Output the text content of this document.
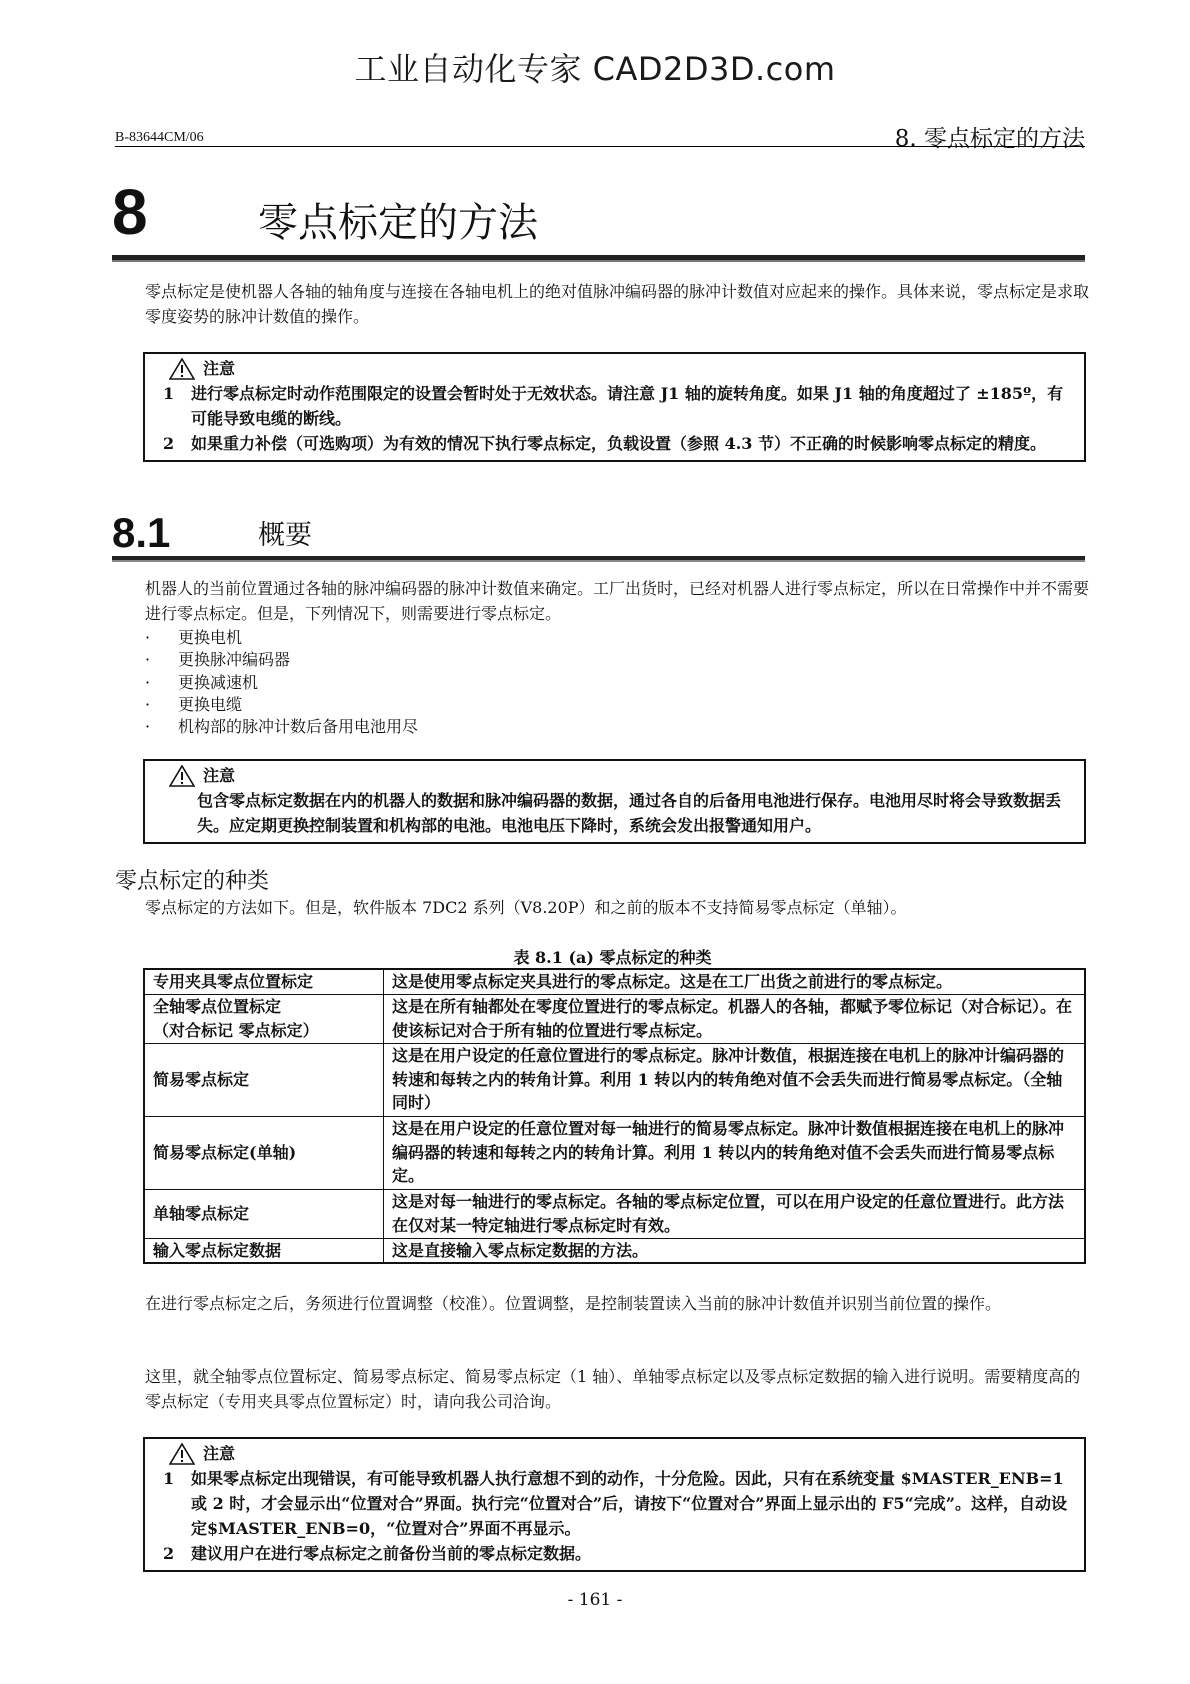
工业自动化专家 CAD2D3D.com
B-83644CM/06	8. 零点标定的方法
8	零点标定的方法
零点标定是使机器人各轴的轴角度与连接在各轴电机上的绝对值脉冲编码器的脉冲计数值对应起来的操作。具体来说，零点标定是求取零度姿势的脉冲计数值的操作。
注意
1	进行零点标定时动作范围限定的设置会暂时处于无效状态。请注意 J1 轴的旋转角度。如果 J1 轴的角度超过了 ±185º，有可能导致电缆的断线。
2	如果重力补偿（可选购项）为有效的情况下执行零点标定，负载设置（参照 4.3 节）不正确的时候影响零点标定的精度。
8.1	概要
机器人的当前位置通过各轴的脉冲编码器的脉冲计数值来确定。工厂出货时，已经对机器人进行零点标定，所以在日常操作中并不需要进行零点标定。但是，下列情况下，则需要进行零点标定。
·	更换电机
·	更换脉冲编码器
·	更换减速机
·	更换电缆
·	机构部的脉冲计数后备用电池用尽
注意
包含零点标定数据在内的机器人的数据和脉冲编码器的数据，通过各自的后备用电池进行保存。电池用尽时将会导致数据丢失。应定期更换控制装置和机构部的电池。电池电压下降时，系统会发出报警通知用户。
零点标定的种类
零点标定的方法如下。但是，软件版本 7DC2 系列（V8.20P）和之前的版本不支持简易零点标定（单轴）。
表 8.1 (a) 零点标定的种类
专用夹具零点位置标定	这是使用零点标定夹具进行的零点标定。这是在工厂出货之前进行的零点标定。
全轴零点位置标定
（对合标记 零点标定）	这是在所有轴都处在零度位置进行的零点标定。机器人的各轴，都赋予零位标记（对合标记）。在使该标记对合于所有轴的位置进行零点标定。
简易零点标定	这是在用户设定的任意位置进行的零点标定。脉冲计数值，根据连接在电机上的脉冲计编码器的转速和每转之内的转角计算。利用 1 转以内的转角绝对值不会丢失而进行简易零点标定。（全轴同时）
简易零点标定(单轴)	这是在用户设定的任意位置对每一轴进行的简易零点标定。脉冲计数值根据连接在电机上的脉冲编码器的转速和每转之内的转角计算。利用 1 转以内的转角绝对值不会丢失而进行简易零点标定。
单轴零点标定	这是对每一轴进行的零点标定。各轴的零点标定位置，可以在用户设定的任意位置进行。此方法在仅对某一特定轴进行零点标定时有效。
输入零点标定数据	这是直接输入零点标定数据的方法。
在进行零点标定之后，务须进行位置调整（校准）。位置调整，是控制装置读入当前的脉冲计数值并识别当前位置的操作。
这里，就全轴零点位置标定、简易零点标定、简易零点标定（1 轴）、单轴零点标定以及零点标定数据的输入进行说明。需要精度高的零点标定（专用夹具零点位置标定）时，请向我公司洽询。
注意
1	如果零点标定出现错误，有可能导致机器人执行意想不到的动作，十分危险。因此，只有在系统变量 $MASTER_ENB=1 或 2 时，才会显示出“位置对合”界面。执行完“位置对合”后，请按下“位置对合”界面上显示出的 F5“完成”。这样，自动设定$MASTER_ENB=0，“位置对合”界面不再显示。
2	建议用户在进行零点标定之前备份当前的零点标定数据。
- 161 -
